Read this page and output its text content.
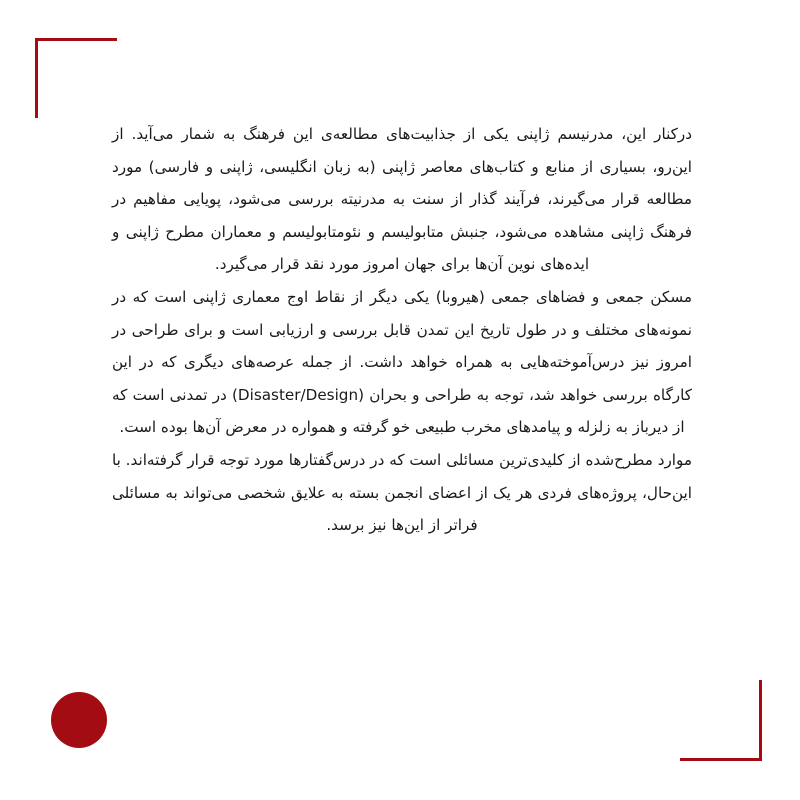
درکنار این، مدرنیسم ژاپنی یکی از جذابیت‌های مطالعه‌ی این فرهنگ به شمار می‌آید. از این‌رو، بسیاری از منابع و کتاب‌های معاصر ژاپنی (به زبان انگلیسی، ژاپنی و فارسی) مورد مطالعه قرار می‌گیرند، فرآیند گذار از سنت به مدرنیته بررسی می‌شود، پویایی مفاهیم در فرهنگ ژاپنی مشاهده می‌شود، جنبش متابولیسم و نئومتابولیسم و معماران مطرح ژاپنی و ایده‌های نوین آن‌ها برای جهان امروز مورد نقد قرار می‌گیرد.

مسکن جمعی و فضاهای جمعی (هیروبا) یکی دیگر از نقاط اوج معماری ژاپنی است که در نمونه‌های مختلف و در طول تاریخ این تمدن قابل بررسی و ارزیابی است و برای طراحی در امروز نیز درس‌آموخته‌هایی به همراه خواهد داشت. از جمله عرصه‌های دیگری که در این کارگاه بررسی خواهد شد، توجه به طراحی و بحران (Disaster/Design) در تمدنی است که از دیرباز به زلزله و پیامدهای مخرب طبیعی خو گرفته و همواره در معرض آن‌ها بوده است.

موارد مطرح‌شده از کلیدی‌ترین مسائلی است که در درس‌گفتارها مورد توجه قرار گرفته‌اند. با این‌حال، پروژه‌های فردی هر یک از اعضای انجمن بسته به علایق شخصی می‌تواند به مسائلی فراتر از این‌ها نیز برسد.
